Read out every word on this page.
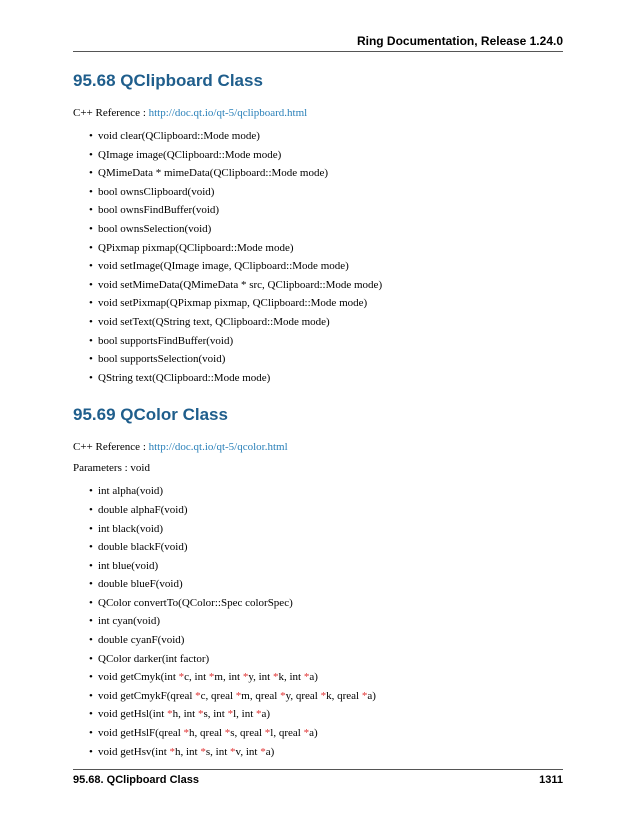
Ring Documentation, Release 1.24.0
95.68 QClipboard Class

C++ Reference : http://doc.qt.io/qt-5/qclipboard.html

• void clear(QClipboard::Mode mode)
• QImage image(QClipboard::Mode mode)
• QMimeData * mimeData(QClipboard::Mode mode)
• bool ownsClipboard(void)
• bool ownsFindBuffer(void)
• bool ownsSelection(void)
• QPixmap pixmap(QClipboard::Mode mode)
• void setImage(QImage image, QClipboard::Mode mode)
• void setMimeData(QMimeData * src, QClipboard::Mode mode)
• void setPixmap(QPixmap pixmap, QClipboard::Mode mode)
• void setText(QString text, QClipboard::Mode mode)
• bool supportsFindBuffer(void)
• bool supportsSelection(void)
• QString text(QClipboard::Mode mode)
95.69 QColor Class

C++ Reference : http://doc.qt.io/qt-5/qcolor.html

Parameters : void

• int alpha(void)
• double alphaF(void)
• int black(void)
• double blackF(void)
• int blue(void)
• double blueF(void)
• QColor convertTo(QColor::Spec colorSpec)
• int cyan(void)
• double cyanF(void)
• QColor darker(int factor)
• void getCmyk(int *c, int *m, int *y, int *k, int *a)
• void getCmykF(qreal *c, qreal *m, qreal *y, qreal *k, qreal *a)
• void getHsl(int *h, int *s, int *l, int *a)
• void getHslF(qreal *h, qreal *s, qreal *l, qreal *a)
• void getHsv(int *h, int *s, int *v, int *a)
95.68. QClipboard Class	1311
